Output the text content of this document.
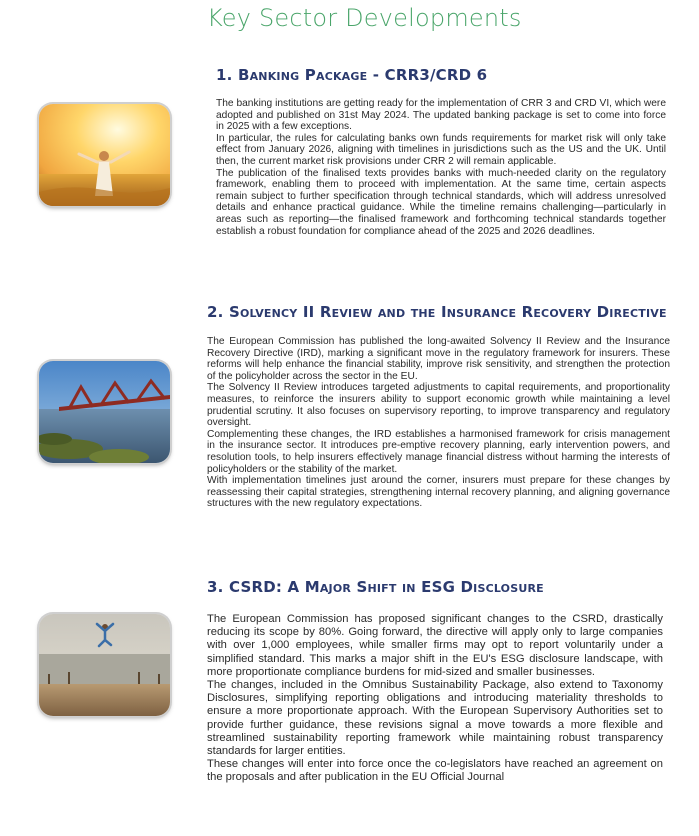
Key Sector Developments
1. Banking Package - CRR3/CRD 6

The banking institutions are getting ready for the implementation of CRR 3 and CRD VI, which were adopted and published on 31st May 2024. The updated banking package is set to come into force in 2025 with a few exceptions.

In particular, the rules for calculating banks own funds requirements for market risk will only take effect from January 2026, aligning with timelines in jurisdictions such as the US and the UK. Until then, the current market risk provisions under CRR 2 will remain applicable.

The publication of the finalised texts provides banks with much-needed clarity on the regulatory framework, enabling them to proceed with implementation. At the same time, certain aspects remain subject to further specification through technical standards, which will address unresolved details and enhance practical guidance. While the timeline remains challenging—particularly in areas such as reporting—the finalised framework and forthcoming technical standards together establish a robust foundation for compliance ahead of the 2025 and 2026 deadlines.

2. Solvency II Review and the Insurance Recovery Directive

The European Commission has published the long-awaited Solvency II Review and the Insurance Recovery Directive (IRD), marking a significant move in the regulatory framework for insurers. These reforms will help enhance the financial stability, improve risk sensitivity, and strengthen the protection of the policyholder across the sector in the EU.

The Solvency II Review introduces targeted adjustments to capital requirements, and proportionality measures, to reinforce the insurers ability to support economic growth while maintaining a level prudential scrutiny. It also focuses on supervisory reporting, to improve transparency and regulatory oversight.

Complementing these changes, the IRD establishes a harmonised framework for crisis management in the insurance sector. It introduces pre-emptive recovery planning, early intervention powers, and resolution tools, to help insurers effectively manage financial distress without harming the interests of policyholders or the stability of the market.

With implementation timelines just around the corner, insurers must prepare for these changes by reassessing their capital strategies, strengthening internal recovery planning, and aligning governance structures with the new regulatory expectations.

3. CSRD: A Major Shift in ESG Disclosure

The European Commission has proposed significant changes to the CSRD, drastically reducing its scope by 80%. Going forward, the directive will apply only to large companies with over 1,000 employees, while smaller firms may opt to report voluntarily under a simplified standard. This marks a major shift in the EU's ESG disclosure landscape, with more proportionate compliance burdens for mid-sized and smaller businesses.

The changes, included in the Omnibus Sustainability Package, also extend to Taxonomy Disclosures, simplifying reporting obligations and introducing materiality thresholds to ensure a more proportionate approach. With the European Supervisory Authorities set to provide further guidance, these revisions signal a move towards a more flexible and streamlined sustainability reporting framework while maintaining robust transparency standards for larger entities.

These changes will enter into force once the co-legislators have reached an agreement on the proposals and after publication in the EU Official Journal
